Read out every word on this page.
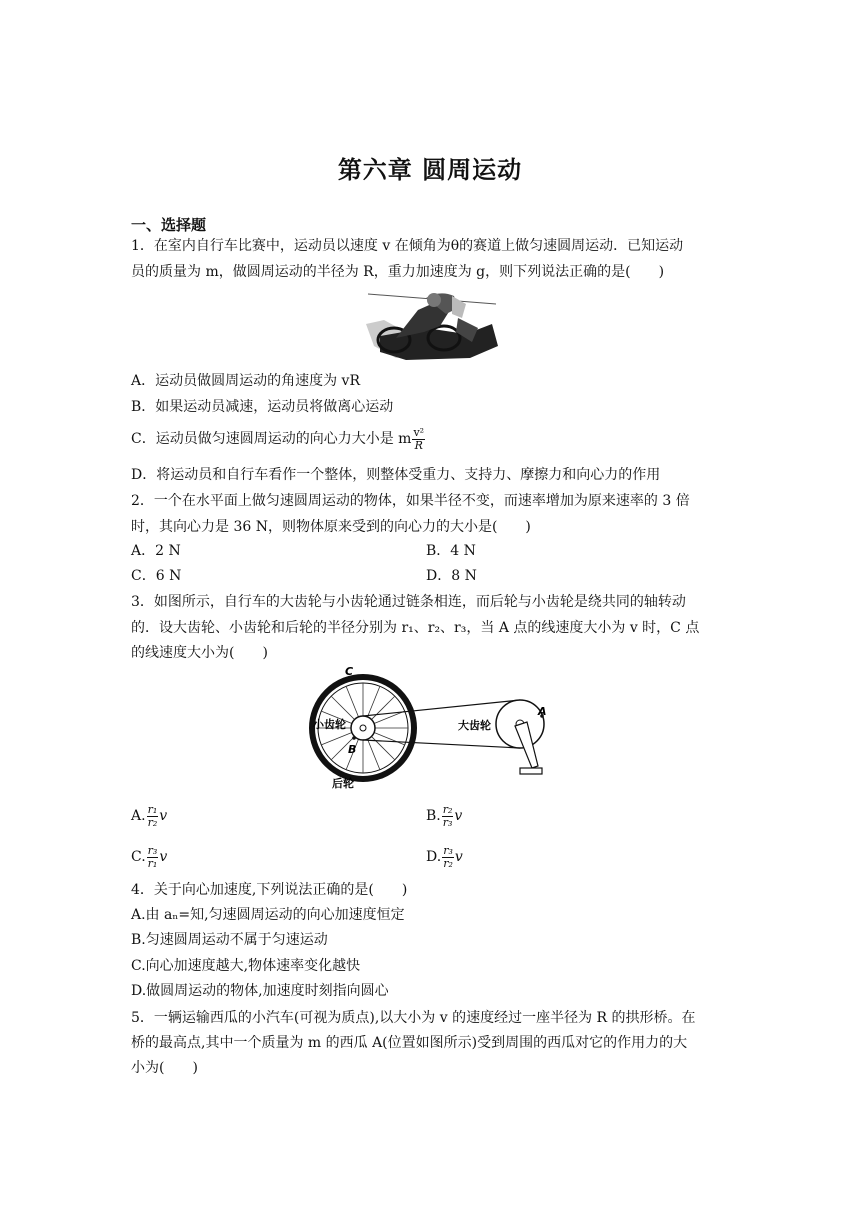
第六章 圆周运动
一、选择题
1．在室内自行车比赛中，运动员以速度 v 在倾角为θ的赛道上做匀速圆周运动．已知运动
员的质量为 m，做圆周运动的半径为 R，重力加速度为 g，则下列说法正确的是(　　)
A．运动员做圆周运动的角速度为 vR
B．如果运动员减速，运动员将做离心运动
C．运动员做匀速圆周运动的向心力大小是 m $\frac{\text{v²}}{R}$
D．将运动员和自行车看作一个整体，则整体受重力、支持力、摩擦力和向心力的作用
2．一个在水平面上做匀速圆周运动的物体，如果半径不变，而速率增加为原来速率的 3 倍
时，其向心力是 36 N，则物体原来受到的向心力的大小是(　　)
A．2 N	B．4 N
C．6 N	D．8 N
3．如图所示，自行车的大齿轮与小齿轮通过链条相连，而后轮与小齿轮是绕共同的轴转动
的．设大齿轮、小齿轮和后轮的半径分别为 r₁、r₂、r₃，当 A 点的线速度大小为 v 时，C 点
的线速度大小为(　　)
C
小齿轮
B
后轮
大齿轮
A
A. $\frac{\text{r₁}}{\text{r₂}}$ v	B. $\frac{\text{r₂}}{\text{r₃}}$ v
C. $\frac{\text{r₃}}{\text{r₁}}$ v	D. $\frac{\text{r₃}}{\text{r₂}}$ v
4．关于向心加速度,下列说法正确的是(　　)
A.由 aₙ=知,匀速圆周运动的向心加速度恒定
B.匀速圆周运动不属于匀速运动
C.向心加速度越大,物体速率变化越快
D.做圆周运动的物体,加速度时刻指向圆心
5．一辆运输西瓜的小汽车(可视为质点),以大小为 v 的速度经过一座半径为 R 的拱形桥。在
桥的最高点,其中一个质量为 m 的西瓜 A(位置如图所示)受到周围的西瓜对它的作用力的大
小为(　　)
